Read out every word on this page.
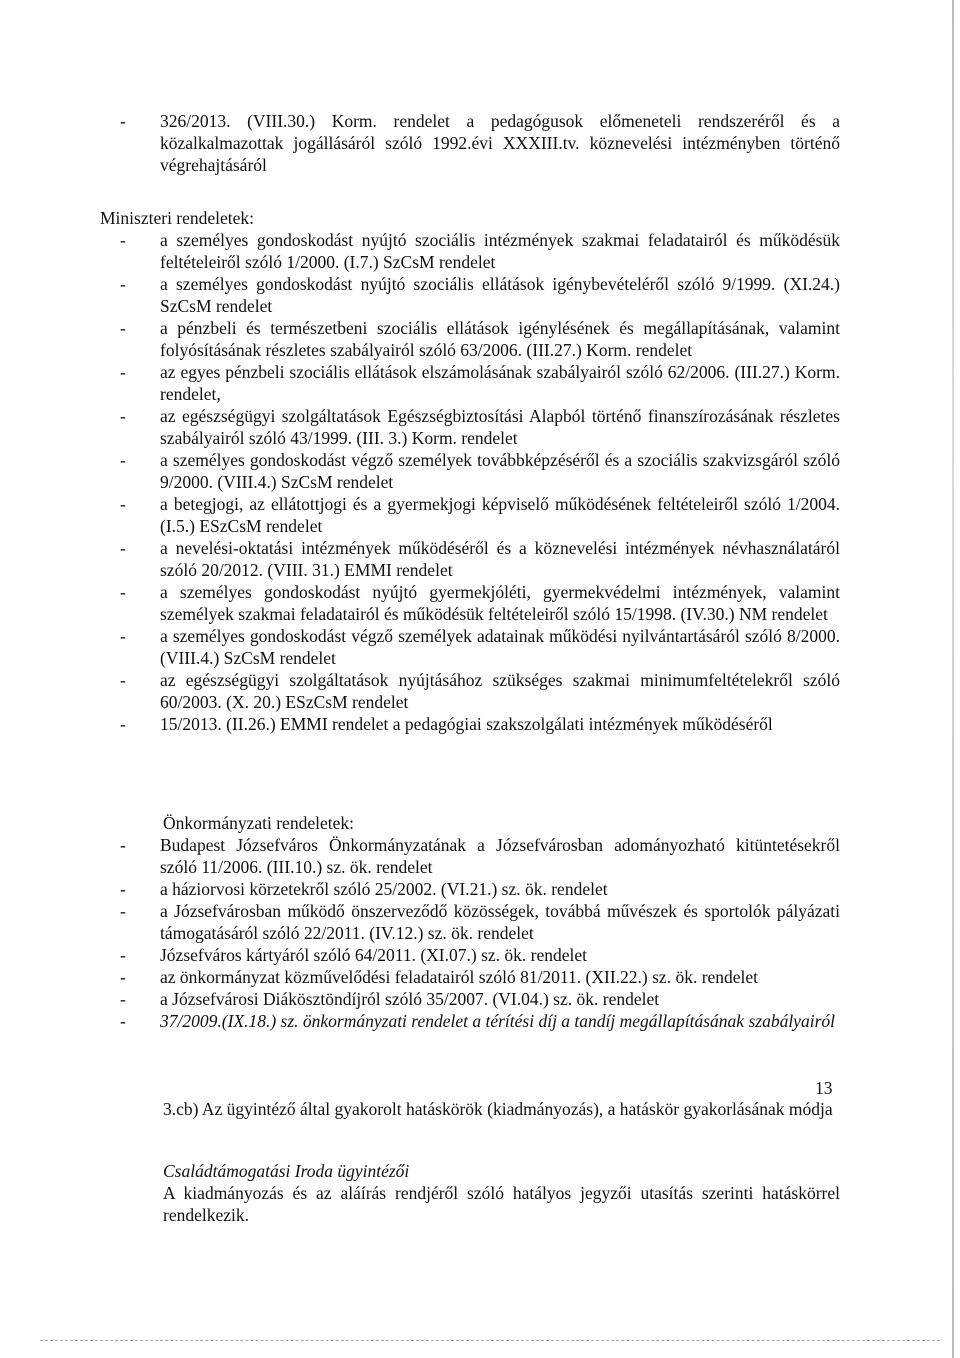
-	326/2013. (VIII.30.) Korm. rendelet a pedagógusok előmeneteli rendszeréről és a közalkalmazottak jogállásáról szóló 1992.évi XXXIII.tv. köznevelési intézményben történő végrehajtásáról
Miniszteri rendeletek:
-	a személyes gondoskodást nyújtó szociális intézmények szakmai feladatairól és működésük feltételeiről szóló 1/2000. (I.7.) SzCsM rendelet
-	a személyes gondoskodást nyújtó szociális ellátások igénybevételéről szóló 9/1999. (XI.24.) SzCsM rendelet
-	a pénzbeli és természetbeni szociális ellátások igénylésének és megállapításának, valamint folyósításának részletes szabályairól szóló 63/2006. (III.27.) Korm. rendelet
-	az egyes pénzbeli szociális ellátások elszámolásának szabályairól szóló 62/2006. (III.27.) Korm. rendelet,
-	az egészségügyi szolgáltatások Egészségbiztosítási Alapból történő finanszírozásának részletes szabályairól szóló 43/1999. (III. 3.) Korm. rendelet
-	a személyes gondoskodást végző személyek továbbképzéséről és a szociális szakvizsgáról szóló 9/2000. (VIII.4.) SzCsM rendelet
-	a betegjogi, az ellátottjogi és a gyermekjogi képviselő működésének feltételeiről szóló 1/2004. (I.5.) ESzCsM rendelet
-	a nevelési-oktatási intézmények működéséről és a köznevelési intézmények névhasználatáról szóló 20/2012. (VIII. 31.) EMMI rendelet
-	a személyes gondoskodást nyújtó gyermekjóléti, gyermekvédelmi intézmények, valamint személyek szakmai feladatairól és működésük feltételeiről szóló 15/1998. (IV.30.) NM rendelet
-	a személyes gondoskodást végző személyek adatainak működési nyilvántartásáról szóló 8/2000. (VIII.4.) SzCsM rendelet
-	az egészségügyi szolgáltatások nyújtásához szükséges szakmai minimumfeltételekről szóló 60/2003. (X. 20.) ESzCsM rendelet
-	15/2013. (II.26.) EMMI rendelet a pedagógiai szakszolgálati intézmények működéséről
Önkormányzati rendeletek:
-	Budapest Józsefváros Önkormányzatának a Józsefvárosban adományozható kitüntetésekről szóló 11/2006. (III.10.) sz. ök. rendelet
-	a háziorvosi körzetekről szóló 25/2002. (VI.21.) sz. ök. rendelet
-	a Józsefvárosban működő önszerveződő közösségek, továbbá művészek és sportolók pályázati támogatásáról szóló 22/2011. (IV.12.) sz. ök. rendelet
-	Józsefváros kártyáról szóló 64/2011. (XI.07.) sz. ök. rendelet
-	az önkormányzat közművelődési feladatairól szóló 81/2011. (XII.22.) sz. ök. rendelet
-	a Józsefvárosi Diákösztöndíjról szóló 35/2007. (VI.04.) sz. ök. rendelet
-	37/2009.(IX.18.) sz. önkormányzati rendelet a térítési díj a tandíj megállapításának szabályairól
3.cb) Az ügyintéző által gyakorolt hatáskörök (kiadmányozás), a hatáskör gyakorlásának módja
Családtámogatási Iroda ügyintézői
A kiadmányozás és az aláírás rendjéről szóló hatályos jegyzői utasítás szerinti hatáskörrel rendelkezik.
13
